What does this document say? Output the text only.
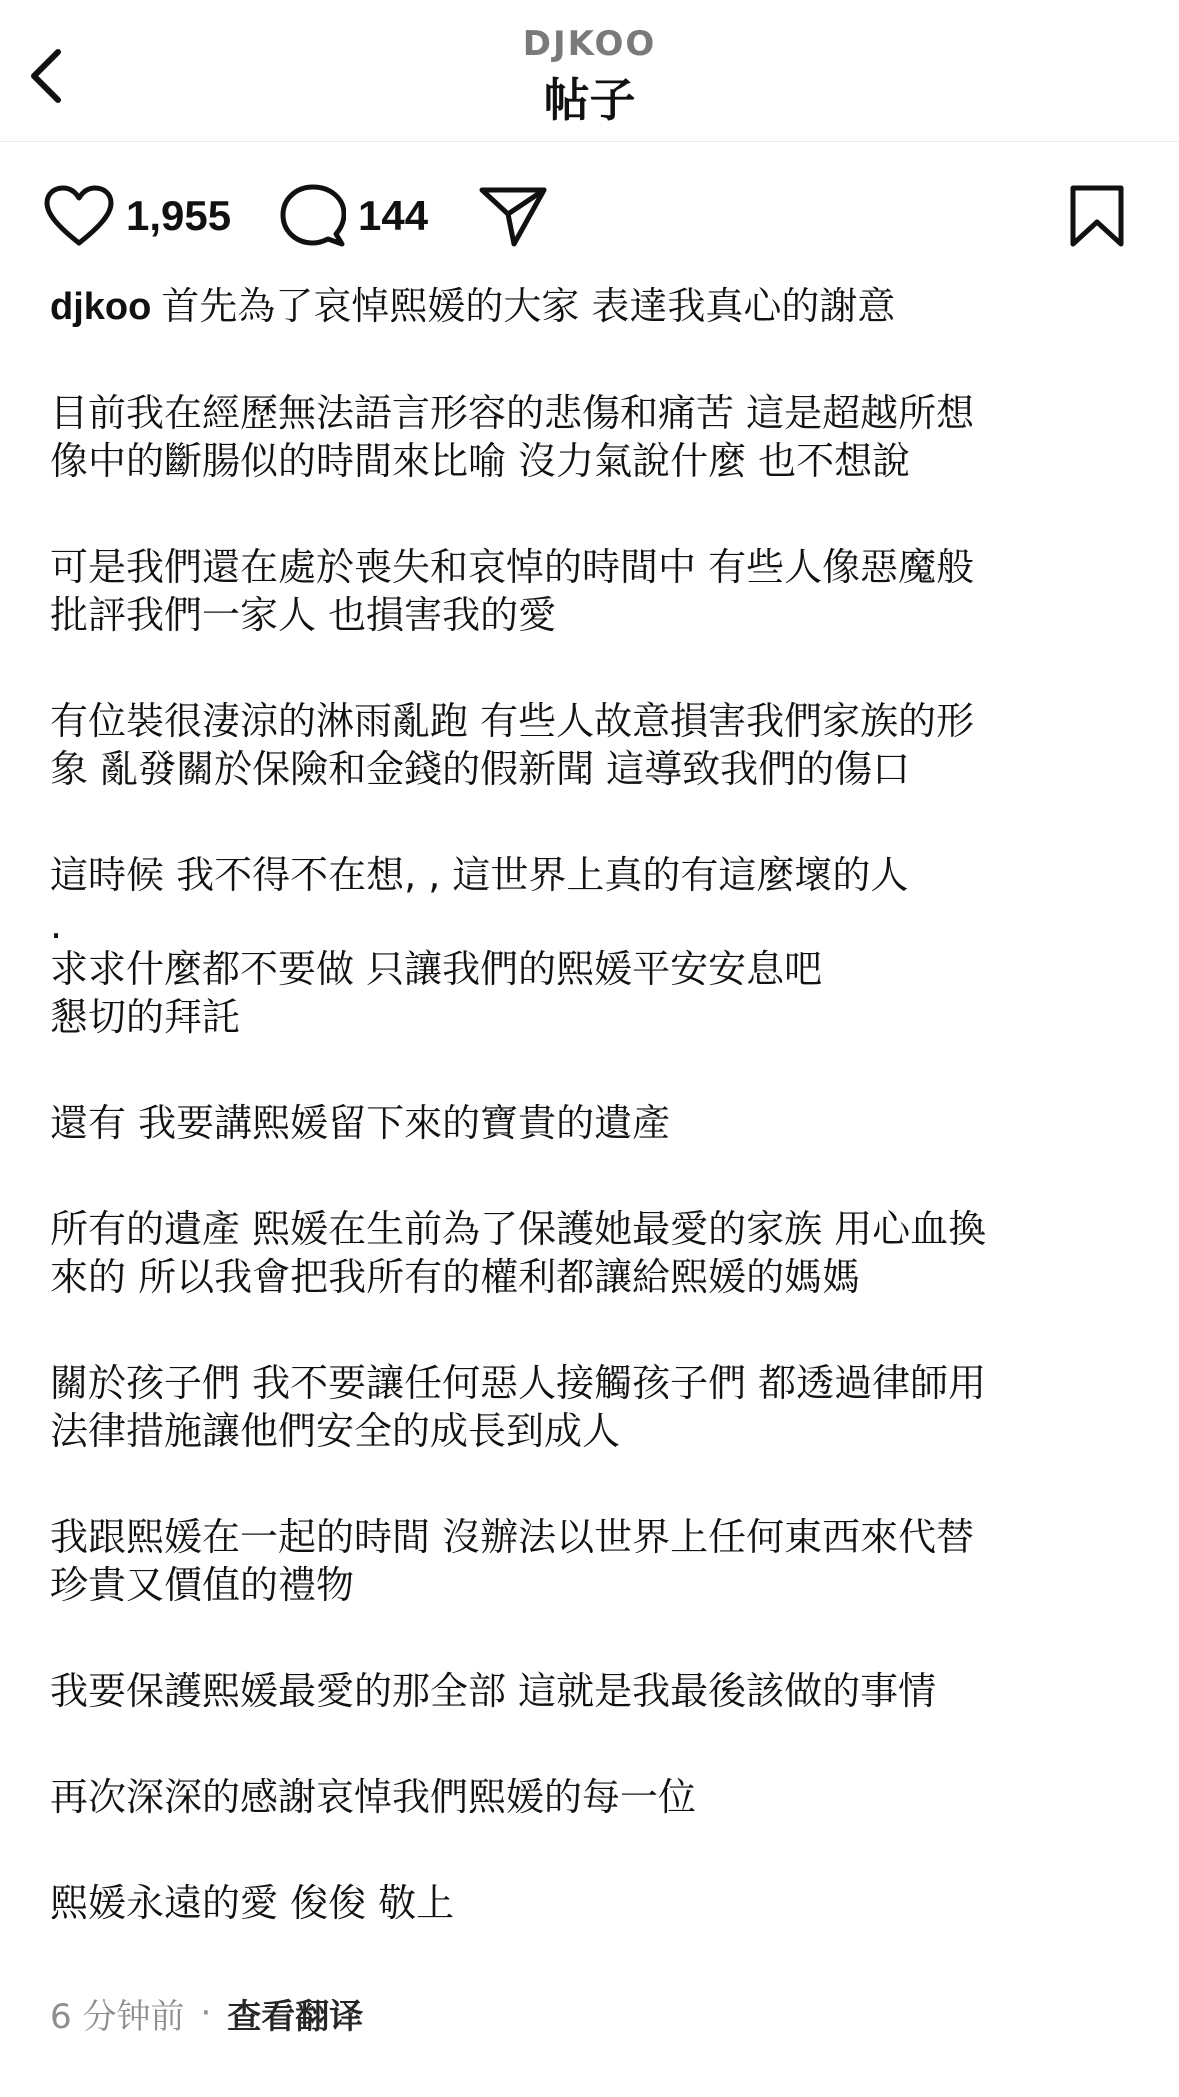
DJKOO
帖子
1,955	144

djkoo 首先為了哀悼熙媛的大家 表達我真心的謝意

目前我在經歷無法語言形容的悲傷和痛苦 這是超越所想
像中的斷腸似的時間來比喻 沒力氣說什麼 也不想說

可是我們還在處於喪失和哀悼的時間中 有些人像惡魔般
批評我們一家人 也損害我的愛

有位裝很淒涼的淋雨亂跑 有些人故意損害我們家族的形
象 亂發關於保險和金錢的假新聞 這導致我們的傷口

這時候 我不得不在想, , 這世界上真的有這麼壞的人

.

求求什麼都不要做 只讓我們的熙媛平安安息吧
懇切的拜託

還有 我要講熙媛留下來的寶貴的遺產

所有的遺產 熙媛在生前為了保護她最愛的家族 用心血換
來的 所以我會把我所有的權利都讓給熙媛的媽媽

關於孩子們 我不要讓任何惡人接觸孩子們 都透過律師用
法律措施讓他們安全的成長到成人

我跟熙媛在一起的時間 沒辦法以世界上任何東西來代替
珍貴又價值的禮物

我要保護熙媛最愛的那全部 這就是我最後該做的事情

再次深深的感謝哀悼我們熙媛的每一位

熙媛永遠的愛 俊俊 敬上

6 分钟前 · 查看翻译
